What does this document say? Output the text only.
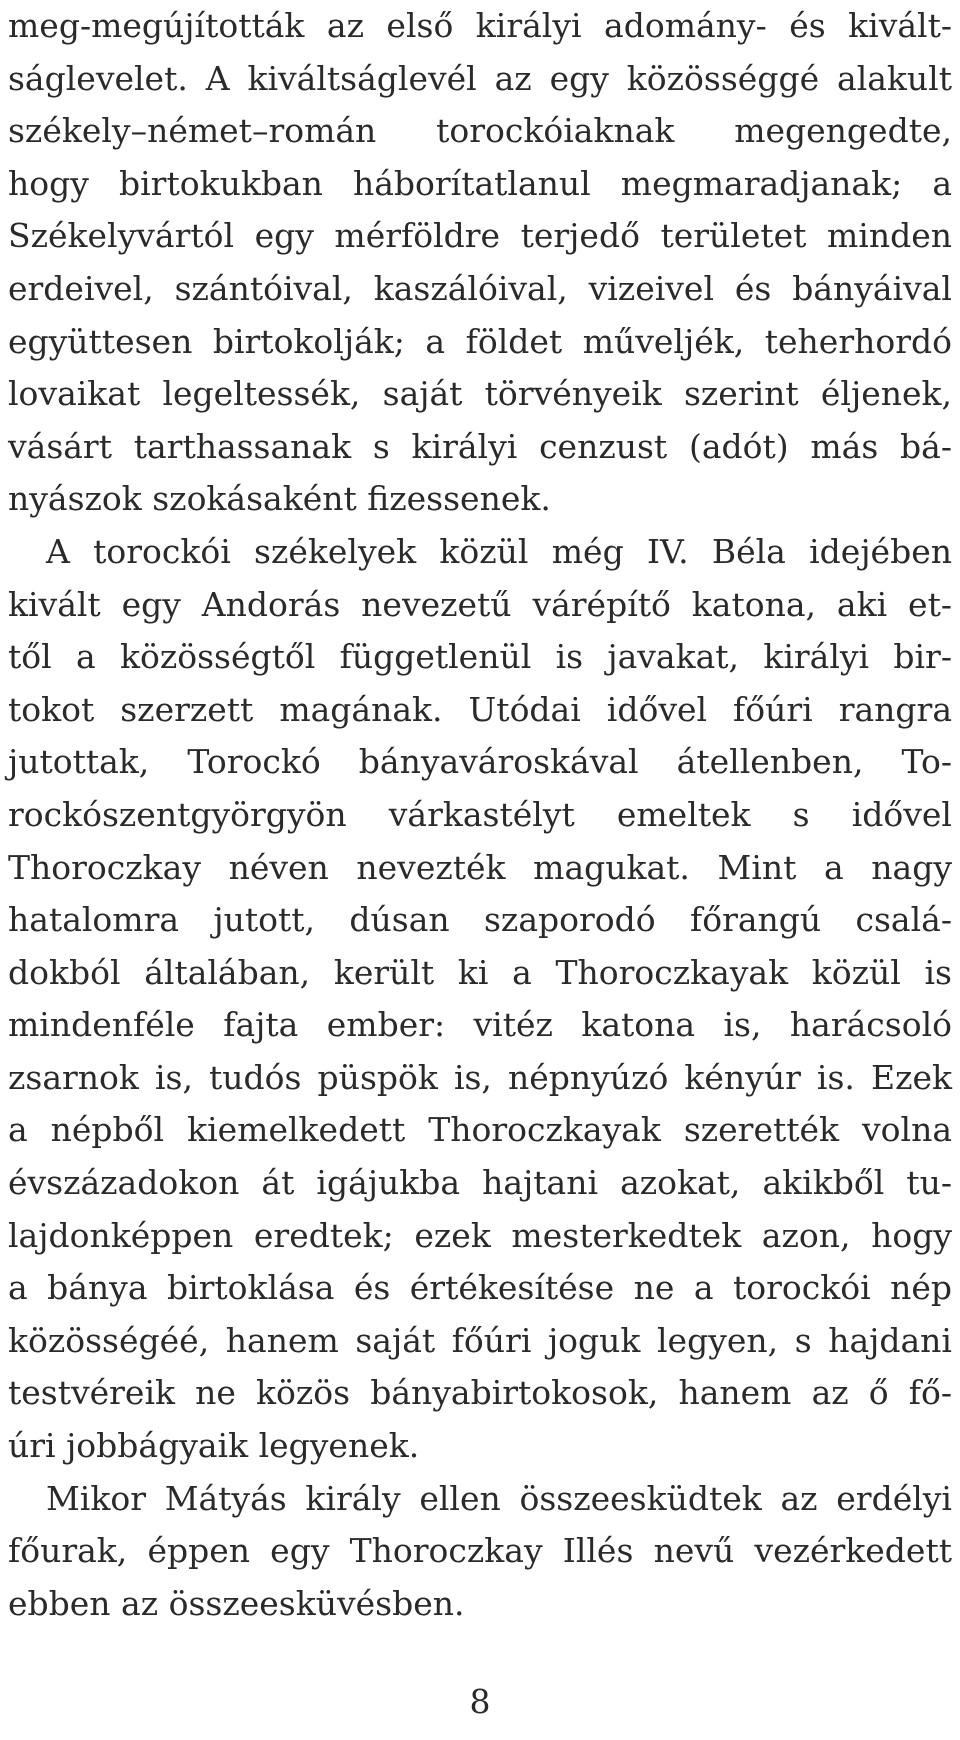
meg-megújították az első királyi adomány- és kivált-
ságlevelet. A kiváltságlevél az egy közösséggé alakult
székely–német–román torockóiaknak megengedte,
hogy birtokukban háborítatlanul megmaradjanak; a
Székelyvártól egy mérföldre terjedő területet minden
erdeivel, szántóival, kaszálóival, vizeivel és bányáival
együttesen birtokolják; a földet műveljék, teherhordó
lovaikat legeltessék, saját törvényeik szerint éljenek,
vásárt tarthassanak s királyi cenzust (adót) más bá-
nyászok szokásaként fizessenek.
A torockói székelyek közül még IV. Béla idejében
kivált egy Andorás nevezetű várépítő katona, aki et-
től a közösségtől függetlenül is javakat, királyi bir-
tokot szerzett magának. Utódai idővel főúri rangra
jutottak, Torockó bányavároskával átellenben, To-
rockószentgyörgyön várkastélyt emeltek s idővel
Thoroczkay néven nevezték magukat. Mint a nagy
hatalomra jutott, dúsan szaporodó főrangú csalá-
dokból általában, került ki a Thoroczkayak közül is
mindenféle fajta ember: vitéz katona is, harácsoló
zsarnok is, tudós püspök is, népnyúzó kényúr is. Ezek
a népből kiemelkedett Thoroczkayak szerették volna
évszázadokon át igájukba hajtani azokat, akikből tu-
lajdonképpen eredtek; ezek mesterkedtek azon, hogy
a bánya birtoklása és értékesítése ne a torockói nép
közösségéé, hanem saját főúri joguk legyen, s hajdani
testvéreik ne közös bányabirtokosok, hanem az ő fő-
úri jobbágyaik legyenek.
Mikor Mátyás király ellen összeesküdtek az erdélyi
főurak, éppen egy Thoroczkay Illés nevű vezérkedett
ebben az összeesküvésben.
8
